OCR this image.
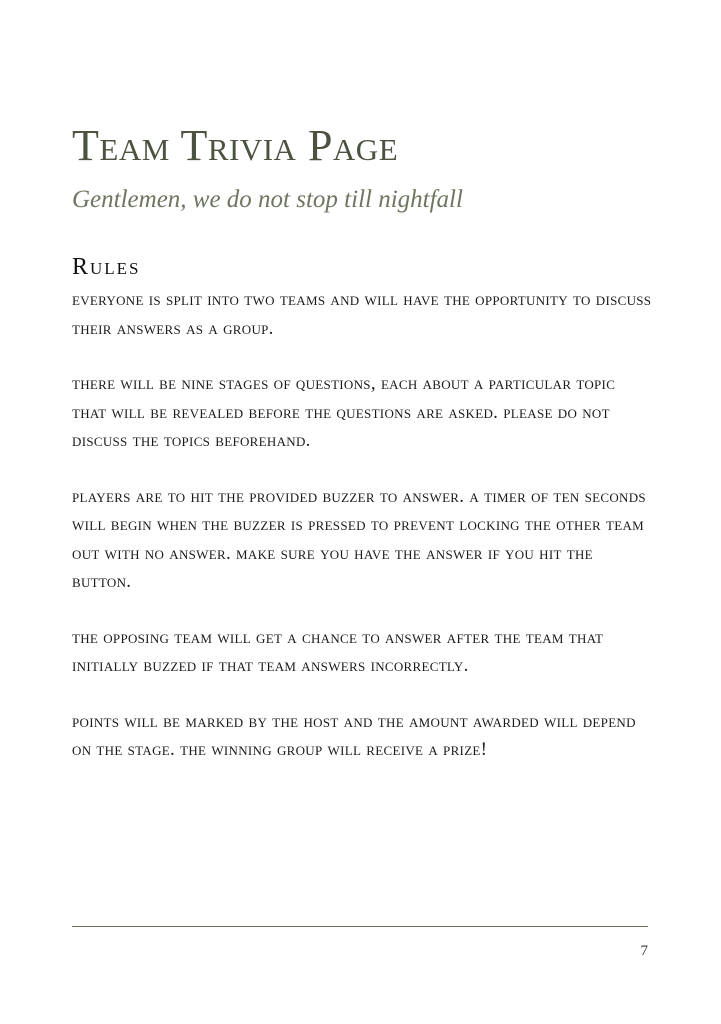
Team Trivia Page

Gentlemen, we do not stop till nightfall

Rules

everyone is split into two teams and will have the opportunity to discuss their answers as a group.

there will be nine stages of questions, each about a particular topic that will be revealed before the questions are asked. please do not discuss the topics beforehand.

players are to hit the provided buzzer to answer. a timer of ten seconds will begin when the buzzer is pressed to prevent locking the other team out with no answer. make sure you have the answer if you hit the button.

the opposing team will get a chance to answer after the team that initially buzzed if that team answers incorrectly.

points will be marked by the host and the amount awarded will depend on the stage. the winning group will receive a prize!

7
